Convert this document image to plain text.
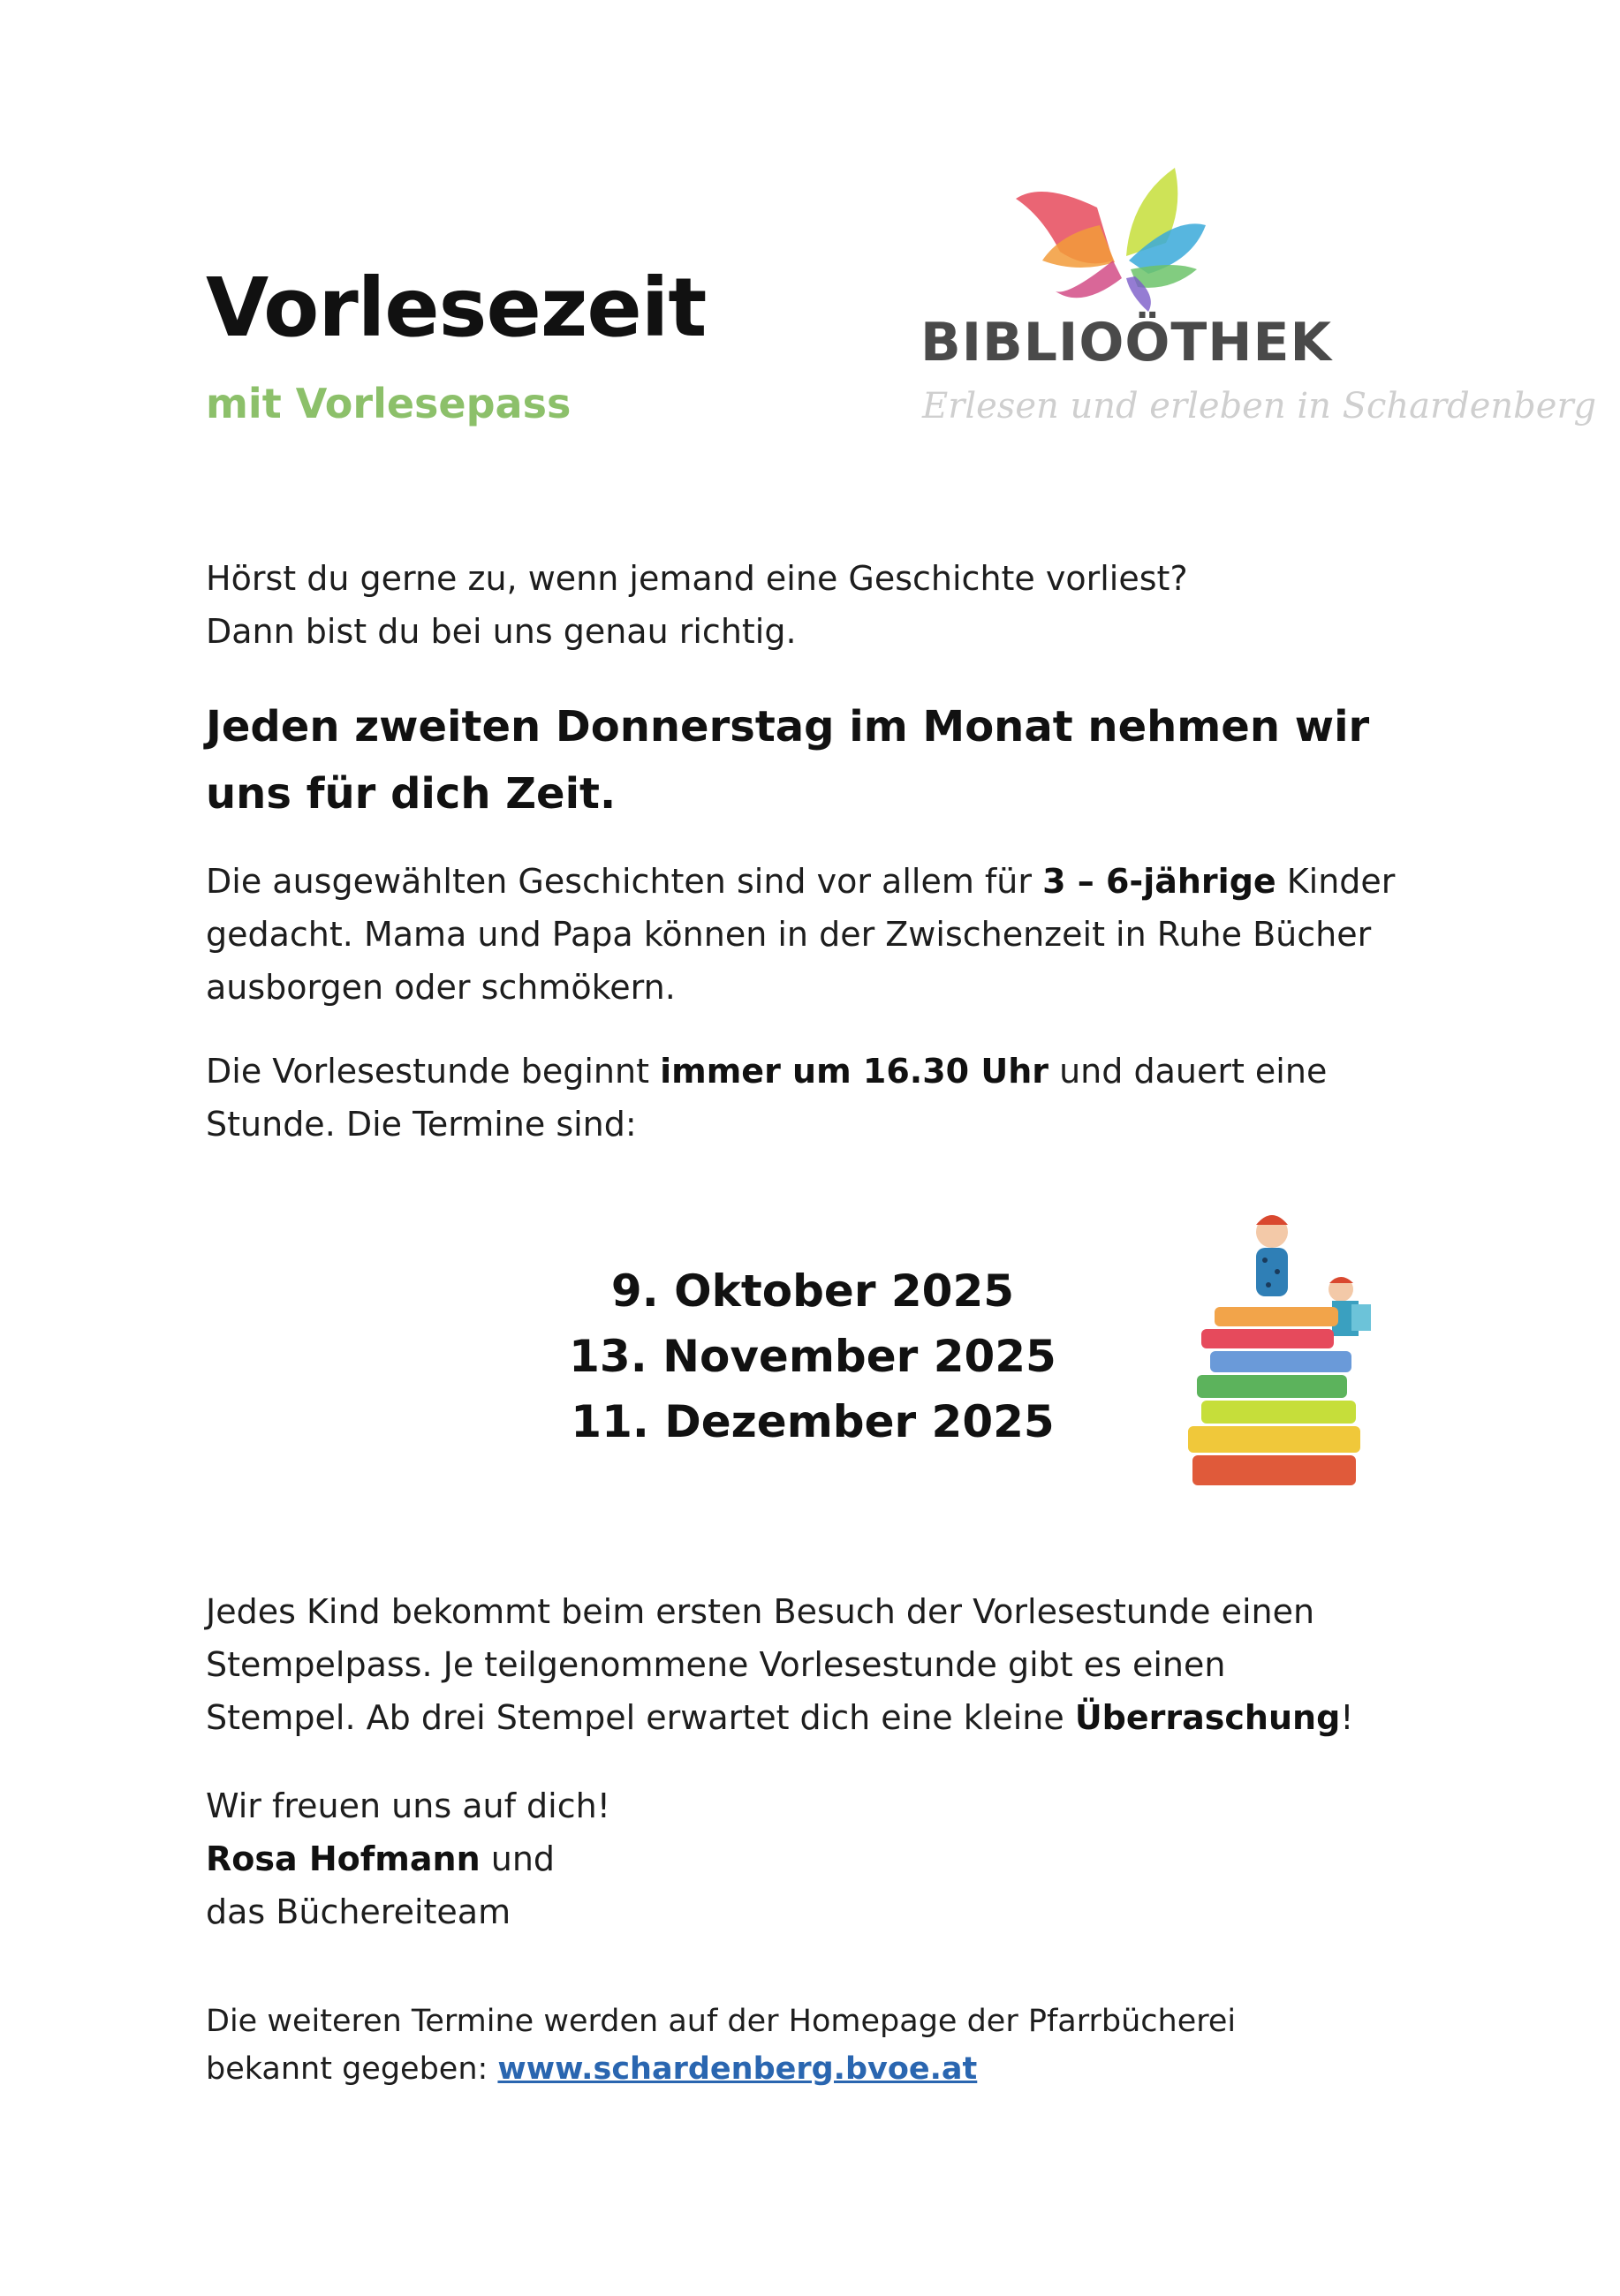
Vorlesezeit
mit Vorlesepass
BIBLIOÖTHEK
Erlesen und erleben in Schardenberg
Hörst du gerne zu, wenn jemand eine Geschichte vorliest?
Dann bist du bei uns genau richtig.
Jeden zweiten Donnerstag im Monat nehmen wir
uns für dich Zeit.
Die ausgewählten Geschichten sind vor allem für 3 – 6-jährige Kinder
gedacht. Mama und Papa können in der Zwischenzeit in Ruhe Bücher
ausborgen oder schmökern.
Die Vorlesestunde beginnt immer um 16.30 Uhr und dauert eine
Stunde. Die Termine sind:
9. Oktober 2025
13. November 2025
11. Dezember 2025
Jedes Kind bekommt beim ersten Besuch der Vorlesestunde einen
Stempelpass. Je teilgenommene Vorlesestunde gibt es einen
Stempel. Ab drei Stempel erwartet dich eine kleine Überraschung!
Wir freuen uns auf dich!
Rosa Hofmann und
das Büchereiteam
Die weiteren Termine werden auf der Homepage der Pfarrbücherei
bekannt gegeben: www.schardenberg.bvoe.at
